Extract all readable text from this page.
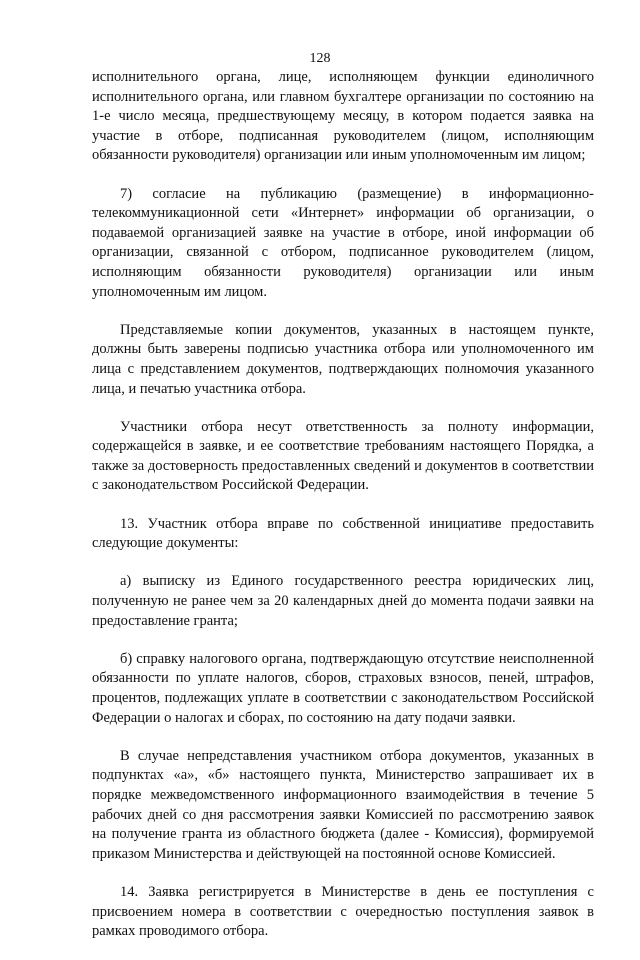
128

исполнительного органа, лице, исполняющем функции единоличного исполнительного органа, или главном бухгалтере организации по состоянию на 1-е число месяца, предшествующему месяцу, в котором подается заявка на участие в отборе, подписанная руководителем (лицом, исполняющим обязанности руководителя) организации или иным уполномоченным им лицом;

7) согласие на публикацию (размещение) в информационно-телекоммуникационной сети «Интернет» информации об организации, о подаваемой организацией заявке на участие в отборе, иной информации об организации, связанной с отбором, подписанное руководителем (лицом, исполняющим обязанности руководителя) организации или иным уполномоченным им лицом.

Представляемые копии документов, указанных в настоящем пункте, должны быть заверены подписью участника отбора или уполномоченного им лица с представлением документов, подтверждающих полномочия указанного лица, и печатью участника отбора.

Участники отбора несут ответственность за полноту информации, содержащейся в заявке, и ее соответствие требованиям настоящего Порядка, а также за достоверность предоставленных сведений и документов в соответствии с законодательством Российской Федерации.

13. Участник отбора вправе по собственной инициативе предоставить следующие документы:

а) выписку из Единого государственного реестра юридических лиц, полученную не ранее чем за 20 календарных дней до момента подачи заявки на предоставление гранта;

б) справку налогового органа, подтверждающую отсутствие неисполненной обязанности по уплате налогов, сборов, страховых взносов, пеней, штрафов, процентов, подлежащих уплате в соответствии с законодательством Российской Федерации о налогах и сборах, по состоянию на дату подачи заявки.

В случае непредставления участником отбора документов, указанных в подпунктах «а», «б» настоящего пункта, Министерство запрашивает их в порядке межведомственного информационного взаимодействия в течение 5 рабочих дней со дня рассмотрения заявки Комиссией по рассмотрению заявок на получение гранта из областного бюджета (далее - Комиссия), формируемой приказом Министерства и действующей на постоянной основе Комиссией.

14. Заявка регистрируется в Министерстве в день ее поступления с присвоением номера в соответствии с очередностью поступления заявок в рамках проводимого отбора.
